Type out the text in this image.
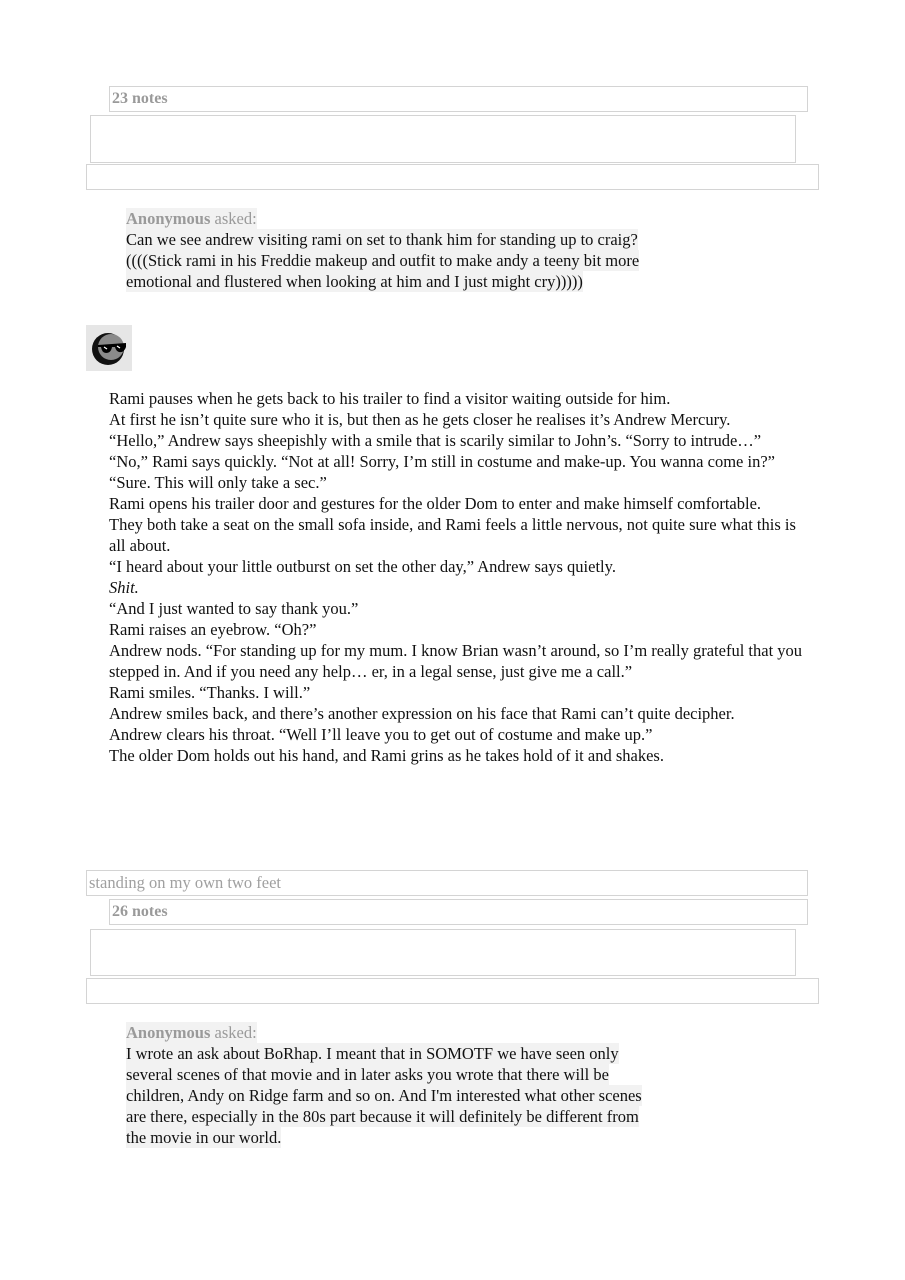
23 notes
Anonymous asked:
Can we see andrew visiting rami on set to thank him for standing up to craig?
((((Stick rami in his Freddie makeup and outfit to make andy a teeny bit more
emotional and flustered when looking at him and I just might cry)))))

Rami pauses when he gets back to his trailer to find a visitor waiting outside for him.

At first he isn’t quite sure who it is, but then as he gets closer he realises it’s Andrew Mercury.

“Hello,” Andrew says sheepishly with a smile that is scarily similar to John’s. “Sorry to intrude…”

“No,” Rami says quickly. “Not at all! Sorry, I’m still in costume and make-up. You wanna come in?”

“Sure. This will only take a sec.”

Rami opens his trailer door and gestures for the older Dom to enter and make himself comfortable.

They both take a seat on the small sofa inside, and Rami feels a little nervous, not quite sure what this is all about.

“I heard about your little outburst on set the other day,” Andrew says quietly.

Shit.

“And I just wanted to say thank you.”

Rami raises an eyebrow. “Oh?”

Andrew nods. “For standing up for my mum. I know Brian wasn’t around, so I’m really grateful that you stepped in. And if you need any help… er, in a legal sense, just give me a call.”

Rami smiles. “Thanks. I will.”

Andrew smiles back, and there’s another expression on his face that Rami can’t quite decipher.

Andrew clears his throat. “Well I’ll leave you to get out of costume and make up.”

The older Dom holds out his hand, and Rami grins as he takes hold of it and shakes.

standing on my own two feet
26 notes
Anonymous asked:
I wrote an ask about BoRhap. I meant that in SOMOTF we have seen only
several scenes of that movie and in later asks you wrote that there will be
children, Andy on Ridge farm and so on. And I'm interested what other scenes
are there, especially in the 80s part because it will definitely be different from
the movie in our world.
